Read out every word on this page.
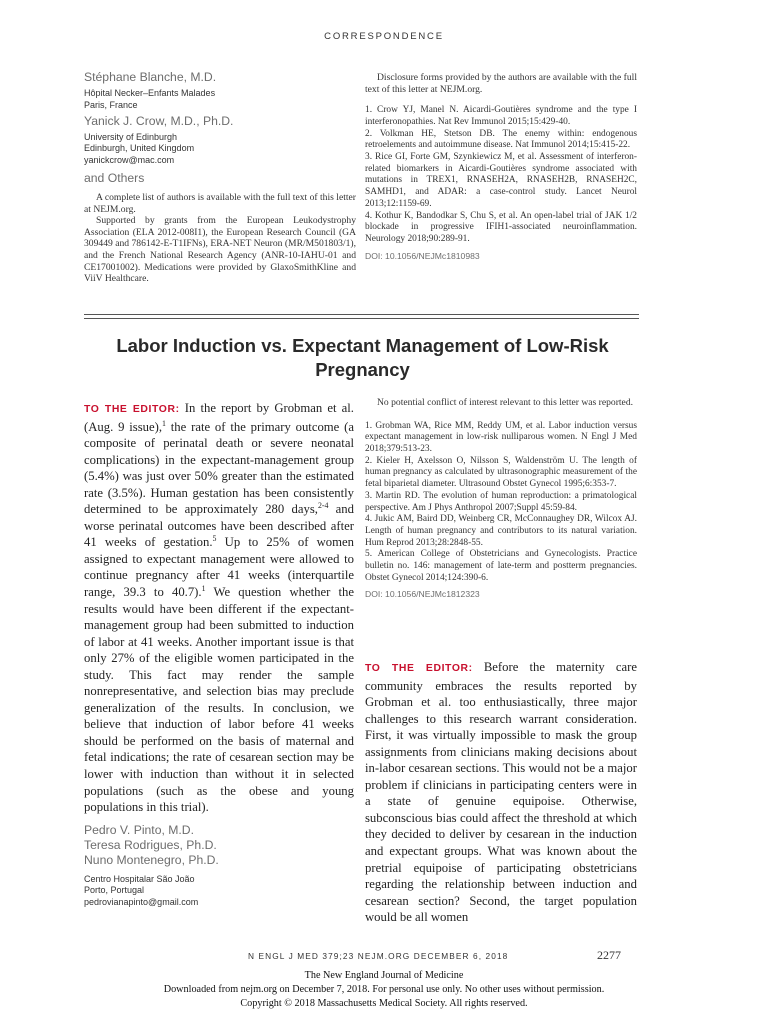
CORRESPONDENCE
Stéphane Blanche, M.D.
Hôpital Necker–Enfants Malades
Paris, France
Yanick J. Crow, M.D., Ph.D.
University of Edinburgh
Edinburgh, United Kingdom
yanickcrow@mac.com
and Others

A complete list of authors is available with the full text of this letter at NEJM.org.

Supported by grants from the European Leukodystrophy Association (ELA 2012-008I1), the European Research Council (GA 309449 and 786142-E-T1IFNs), ERA-NET Neuron (MR/M501803/1), and the French National Research Agency (ANR-10-IAHU-01 and CE17001002). Medications were provided by GlaxoSmithKline and ViiV Healthcare.

Disclosure forms provided by the authors are available with the full text of this letter at NEJM.org.

1. Crow YJ, Manel N. Aicardi-Goutières syndrome and the type I interferonopathies. Nat Rev Immunol 2015;15:429-40.
2. Volkman HE, Stetson DB. The enemy within: endogenous retroelements and autoimmune disease. Nat Immunol 2014;15:415-22.
3. Rice GI, Forte GM, Szynkiewicz M, et al. Assessment of interferon-related biomarkers in Aicardi-Goutières syndrome associated with mutations in TREX1, RNASEH2A, RNASEH2B, RNASEH2C, SAMHD1, and ADAR: a case-control study. Lancet Neurol 2013;12:1159-69.
4. Kothur K, Bandodkar S, Chu S, et al. An open-label trial of JAK 1/2 blockade in progressive IFIH1-associated neuroinflammation. Neurology 2018;90:289-91.
DOI: 10.1056/NEJMc1810983
Labor Induction vs. Expectant Management of Low-Risk Pregnancy

TO THE EDITOR: In the report by Grobman et al. (Aug. 9 issue),$^1$ the rate of the primary outcome (a composite of perinatal death or severe neonatal complications) in the expectant-management group (5.4%) was just over 50% greater than the estimated rate (3.5%). Human gestation has been consistently determined to be approximately 280 days,$^{2-4}$ and worse perinatal outcomes have been described after 41 weeks of gestation.$^5$ Up to 25% of women assigned to expectant management were allowed to continue pregnancy after 41 weeks (interquartile range, 39.3 to 40.7).$^1$ We question whether the results would have been different if the expectant-management group had been submitted to induction of labor at 41 weeks. Another important issue is that only 27% of the eligible women participated in the study. This fact may render the sample nonrepresentative, and selection bias may preclude generalization of the results. In conclusion, we believe that induction of labor before 41 weeks should be performed on the basis of maternal and fetal indications; the rate of cesarean section may be lower with induction than without it in selected populations (such as the obese and young populations in this trial).

Pedro V. Pinto, M.D.
Teresa Rodrigues, Ph.D.
Nuno Montenegro, Ph.D.
Centro Hospitalar São João
Porto, Portugal
pedrovianapinto@gmail.com

No potential conflict of interest relevant to this letter was reported.

1. Grobman WA, Rice MM, Reddy UM, et al. Labor induction versus expectant management in low-risk nulliparous women. N Engl J Med 2018;379:513-23.
2. Kieler H, Axelsson O, Nilsson S, Waldenström U. The length of human pregnancy as calculated by ultrasonographic measurement of the fetal biparietal diameter. Ultrasound Obstet Gynecol 1995;6:353-7.
3. Martin RD. The evolution of human reproduction: a primatological perspective. Am J Phys Anthropol 2007;Suppl 45:59-84.
4. Jukic AM, Baird DD, Weinberg CR, McConnaughey DR, Wilcox AJ. Length of human pregnancy and contributors to its natural variation. Hum Reprod 2013;28:2848-55.
5. American College of Obstetricians and Gynecologists. Practice bulletin no. 146: management of late-term and postterm pregnancies. Obstet Gynecol 2014;124:390-6.
DOI: 10.1056/NEJMc1812323

TO THE EDITOR: Before the maternity care community embraces the results reported by Grobman et al. too enthusiastically, three major challenges to this research warrant consideration. First, it was virtually impossible to mask the group assignments from clinicians making decisions about in-labor cesarean sections. This would not be a major problem if clinicians in participating centers were in a state of genuine equipoise. Otherwise, subconscious bias could affect the threshold at which they decided to deliver by cesarean in the induction and expectant groups. What was known about the pretrial equipoise of participating obstetricians regarding the relationship between induction and cesarean section? Second, the target population would be all women

N ENGL J MED 379;23 NEJM.ORG DECEMBER 6, 2018	2277
The New England Journal of Medicine
Downloaded from nejm.org on December 7, 2018. For personal use only. No other uses without permission.
Copyright © 2018 Massachusetts Medical Society. All rights reserved.
